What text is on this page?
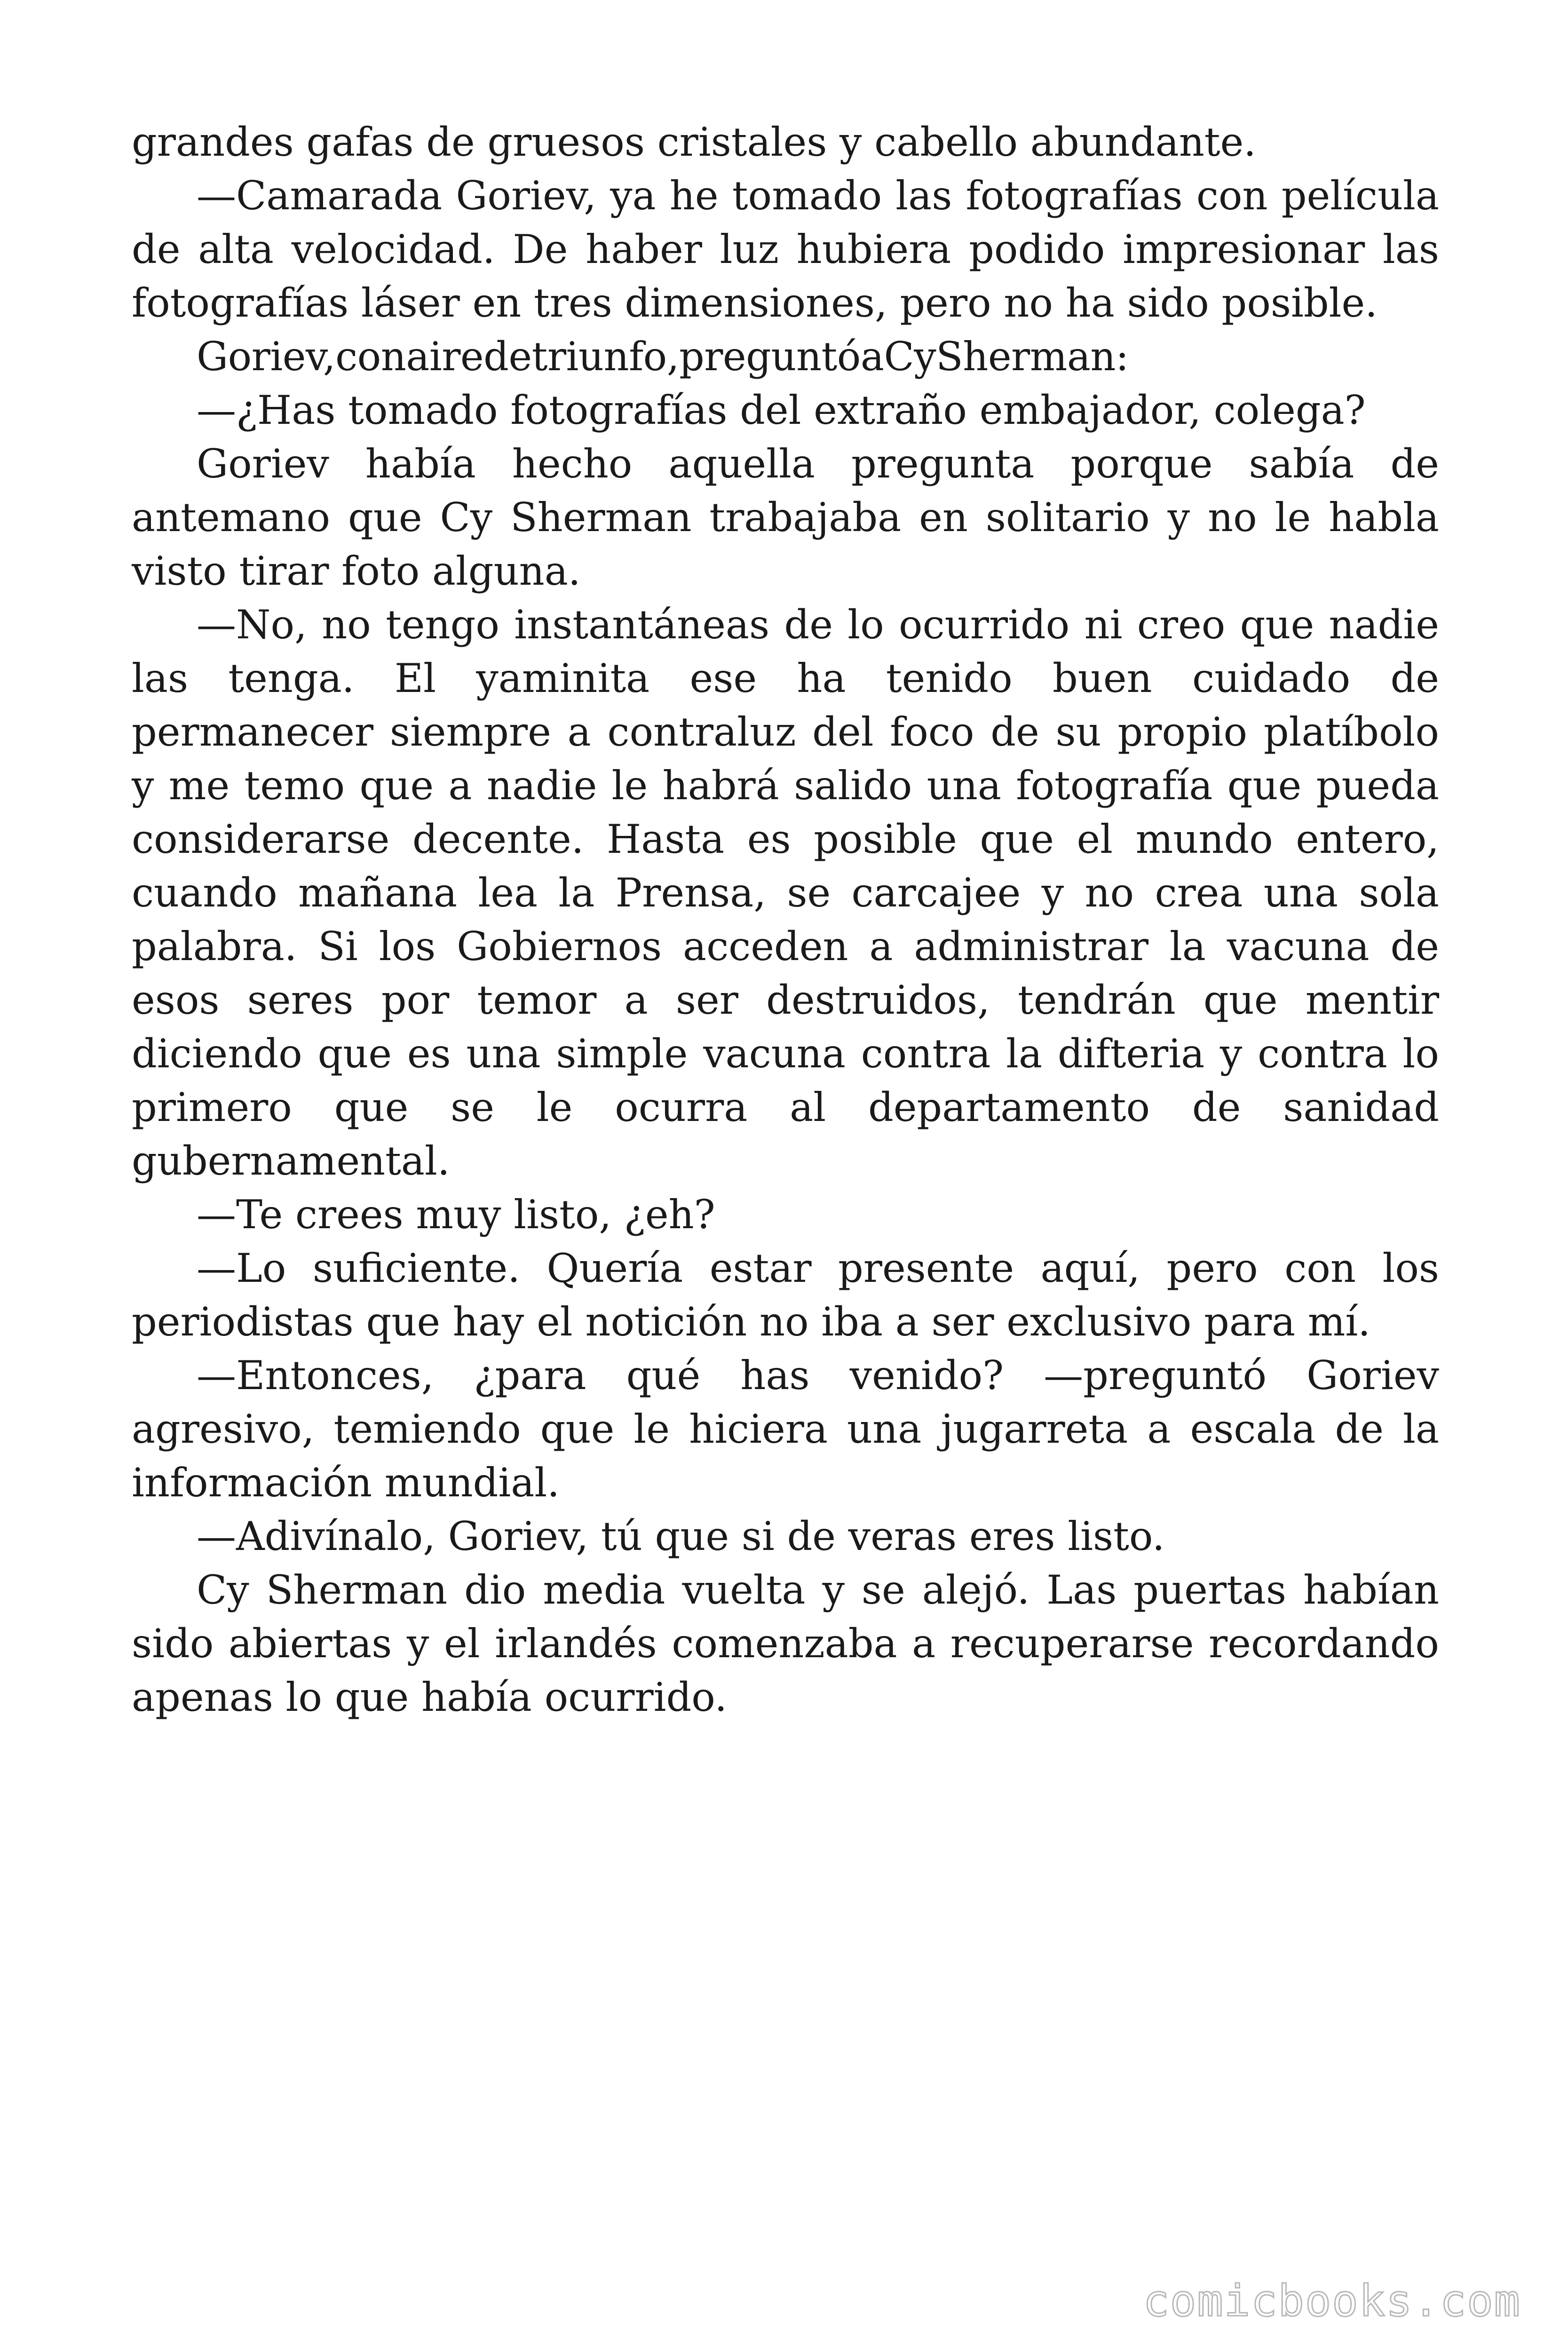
grandes gafas de gruesos cristales y cabello abundante.

—Camarada Goriev, ya he tomado las fotografías con película de alta velocidad. De haber luz hubiera podido impresionar las fotografías láser en tres dimensiones, pero no ha sido posible.

Goriev,conairedetriunfo,preguntóaCySherman:

—¿Has tomado fotografías del extraño embajador, colega?

Goriev había hecho aquella pregunta porque sabía de antemano que Cy Sherman trabajaba en solitario y no le habla visto tirar foto alguna.

—No, no tengo instantáneas de lo ocurrido ni creo que nadie las tenga. El yaminita ese ha tenido buen cuidado de permanecer siempre a contraluz del foco de su propio platíbolo y me temo que a nadie le habrá salido una fotografía que pueda considerarse decente. Hasta es posible que el mundo entero, cuando mañana lea la Prensa, se carcajee y no crea una sola palabra. Si los Gobiernos acceden a administrar la vacuna de esos seres por temor a ser destruidos, tendrán que mentir diciendo que es una simple vacuna contra la difteria y contra lo primero que se le ocurra al departamento de sanidad gubernamental.

—Te crees muy listo, ¿eh?

—Lo suficiente. Quería estar presente aquí, pero con los periodistas que hay el notición no iba a ser exclusivo para mí.

—Entonces, ¿para qué has venido? —preguntó Goriev agresivo, temiendo que le hiciera una jugarreta a escala de la información mundial.

—Adivínalo, Goriev, tú que si de veras eres listo.

Cy Sherman dio media vuelta y se alejó. Las puertas habían sido abiertas y el irlandés comenzaba a recuperarse recordando apenas lo que había ocurrido.

comicbooks.com
